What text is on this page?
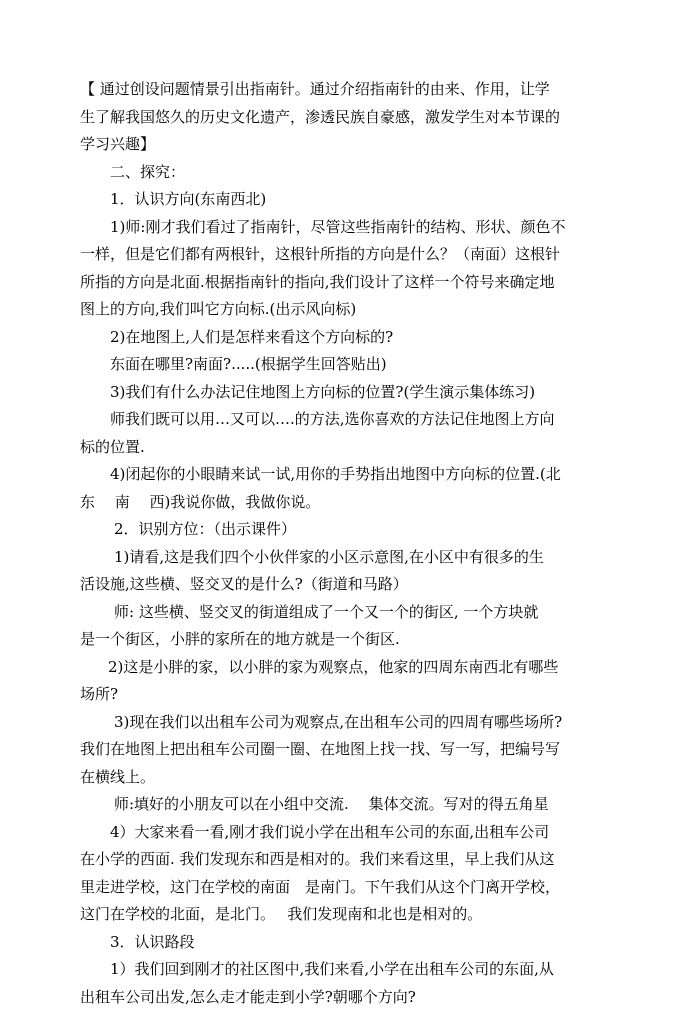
【 通过创设问题情景引出指南针。通过介绍指南针的由来、作用，让学

生了解我国悠久的历史文化遗产，渗透民族自豪感，激发学生对本节课的

学习兴趣】

二、探究：

1．认识方向(东南西北)

1)师:刚才我们看过了指南针，尽管这些指南针的结构、形状、颜色不

一样，但是它们都有两根针，这根针所指的方向是什么？（南面）这根针

所指的方向是北面.根据指南针的指向,我们设计了这样一个符号来确定地

图上的方向,我们叫它方向标.(出示风向标)

2)在地图上,人们是怎样来看这个方向标的?

东面在哪里?南面?.....(根据学生回答贴出)

3)我们有什么办法记住地图上方向标的位置?(学生演示集体练习)

师我们既可以用…又可以….的方法,选你喜欢的方法记住地图上方向

标的位置.

4)闭起你的小眼睛来试一试,用你的手势指出地图中方向标的位置.(北

东　 南　 西)我说你做，我做你说。

2．识别方位：（出示课件）

1)请看,这是我们四个小伙伴家的小区示意图,在小区中有很多的生

活设施,这些横、竖交叉的是什么?（街道和马路）

师: 这些横、竖交叉的街道组成了一个又一个的街区, 一个方块就

是一个街区，小胖的家所在的地方就是一个街区.

2)这是小胖的家，以小胖的家为观察点，他家的四周东南西北有哪些

场所?

3)现在我们以出租车公司为观察点,在出租车公司的四周有哪些场所?

我们在地图上把出租车公司圈一圈、在地图上找一找、写一写，把编号写

在横线上。

师:填好的小朋友可以在小组中交流.　 集体交流。写对的得五角星

4）大家来看一看,刚才我们说小学在出租车公司的东面,出租车公司

在小学的西面. 我们发现东和西是相对的。我们来看这里，早上我们从这

里走进学校，这门在学校的南面　是南门。下午我们从这个门离开学校，

这门在学校的北面，是北门。　 我们发现南和北也是相对的。

3．认识路段

1）我们回到刚才的社区图中,我们来看,小学在出租车公司的东面,从

出租车公司出发,怎么走才能走到小学?朝哪个方向?
